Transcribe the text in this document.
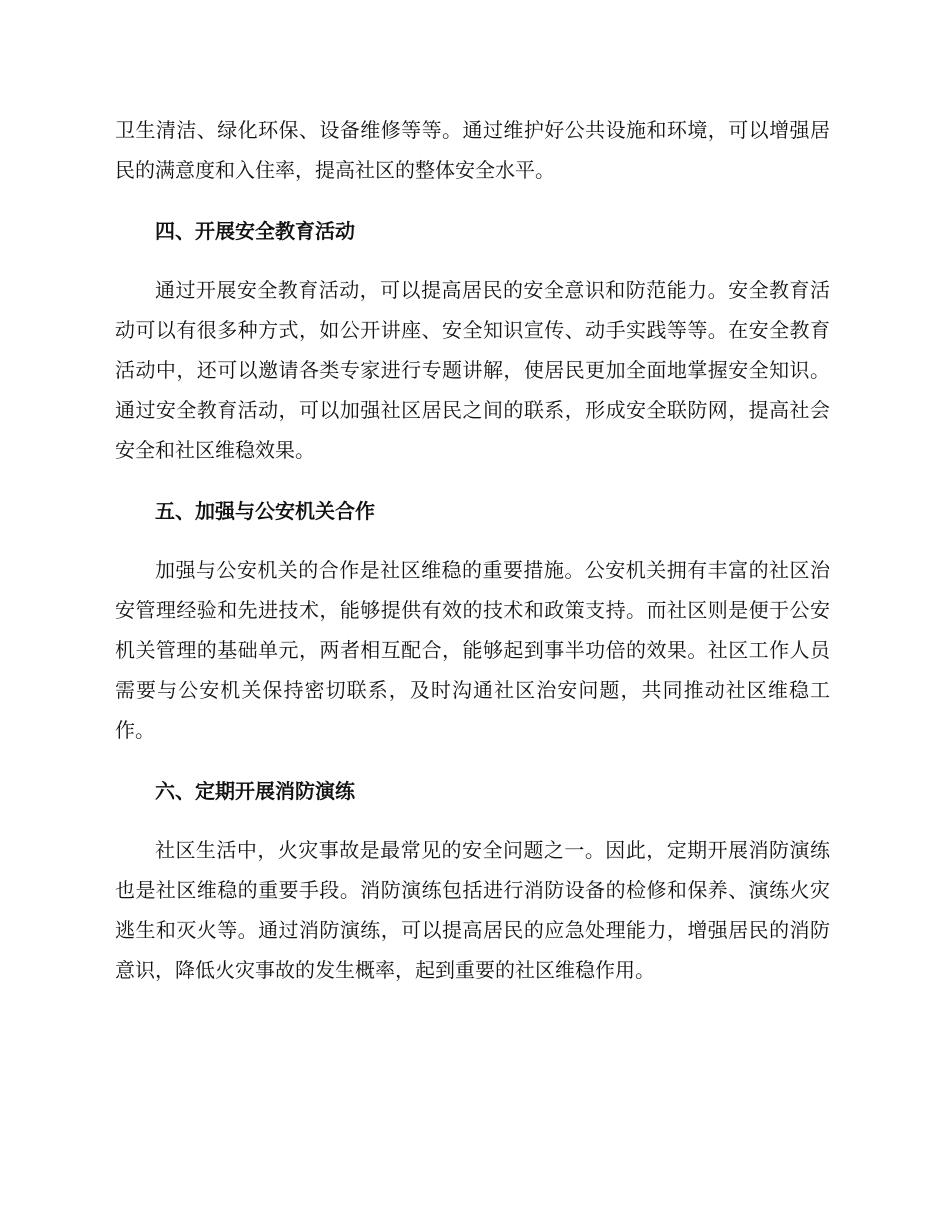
卫生清洁、绿化环保、设备维修等等。通过维护好公共设施和环境，可以增强居民的满意度和入住率，提高社区的整体安全水平。

四、开展安全教育活动

通过开展安全教育活动，可以提高居民的安全意识和防范能力。安全教育活动可以有很多种方式，如公开讲座、安全知识宣传、动手实践等等。在安全教育活动中，还可以邀请各类专家进行专题讲解，使居民更加全面地掌握安全知识。通过安全教育活动，可以加强社区居民之间的联系，形成安全联防网，提高社会安全和社区维稳效果。

五、加强与公安机关合作

加强与公安机关的合作是社区维稳的重要措施。公安机关拥有丰富的社区治安管理经验和先进技术，能够提供有效的技术和政策支持。而社区则是便于公安机关管理的基础单元，两者相互配合，能够起到事半功倍的效果。社区工作人员需要与公安机关保持密切联系，及时沟通社区治安问题，共同推动社区维稳工作。

六、定期开展消防演练

社区生活中，火灾事故是最常见的安全问题之一。因此，定期开展消防演练也是社区维稳的重要手段。消防演练包括进行消防设备的检修和保养、演练火灾逃生和灭火等。通过消防演练，可以提高居民的应急处理能力，增强居民的消防意识，降低火灾事故的发生概率，起到重要的社区维稳作用。
